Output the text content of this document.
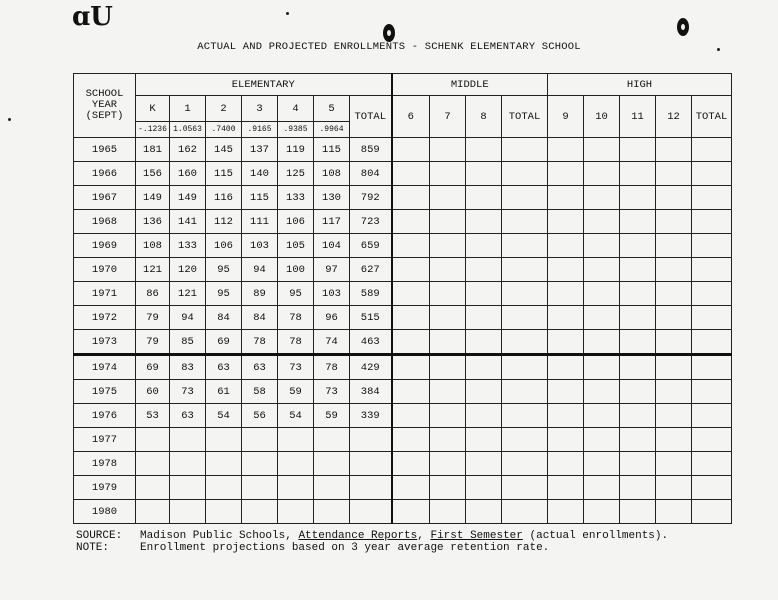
ɑU
ACTUAL AND PROJECTED ENROLLMENTS - SCHENK ELEMENTARY SCHOOL
SCHOOL YEAR (SEPT)	ELEMENTARY							MIDDLE				HIGH				
	K	1	2	3	4	5	TOTAL	6	7	8	TOTAL	9	10	11	12	TOTAL
	-.1236	1.0563	.7400	.9165	.9385	.9964										
1965	181	162	145	137	119	115	859									
1966	156	160	115	140	125	108	804									
1967	149	149	116	115	133	130	792									
1968	136	141	112	111	106	117	723									
1969	108	133	106	103	105	104	659									
1970	121	120	95	94	100	97	627									
1971	86	121	95	89	95	103	589									
1972	79	94	84	84	78	96	515									
1973	79	85	69	78	78	74	463									
1974	69	83	63	63	73	78	429									
1975	60	73	61	58	59	73	384									
1976	53	63	54	56	54	59	339									
1977																
1978																
1979																
1980																
SOURCE: Madison Public Schools, Attendance Reports, First Semester (actual enrollments).
NOTE:	Enrollment projections based on 3 year average retention rate.
